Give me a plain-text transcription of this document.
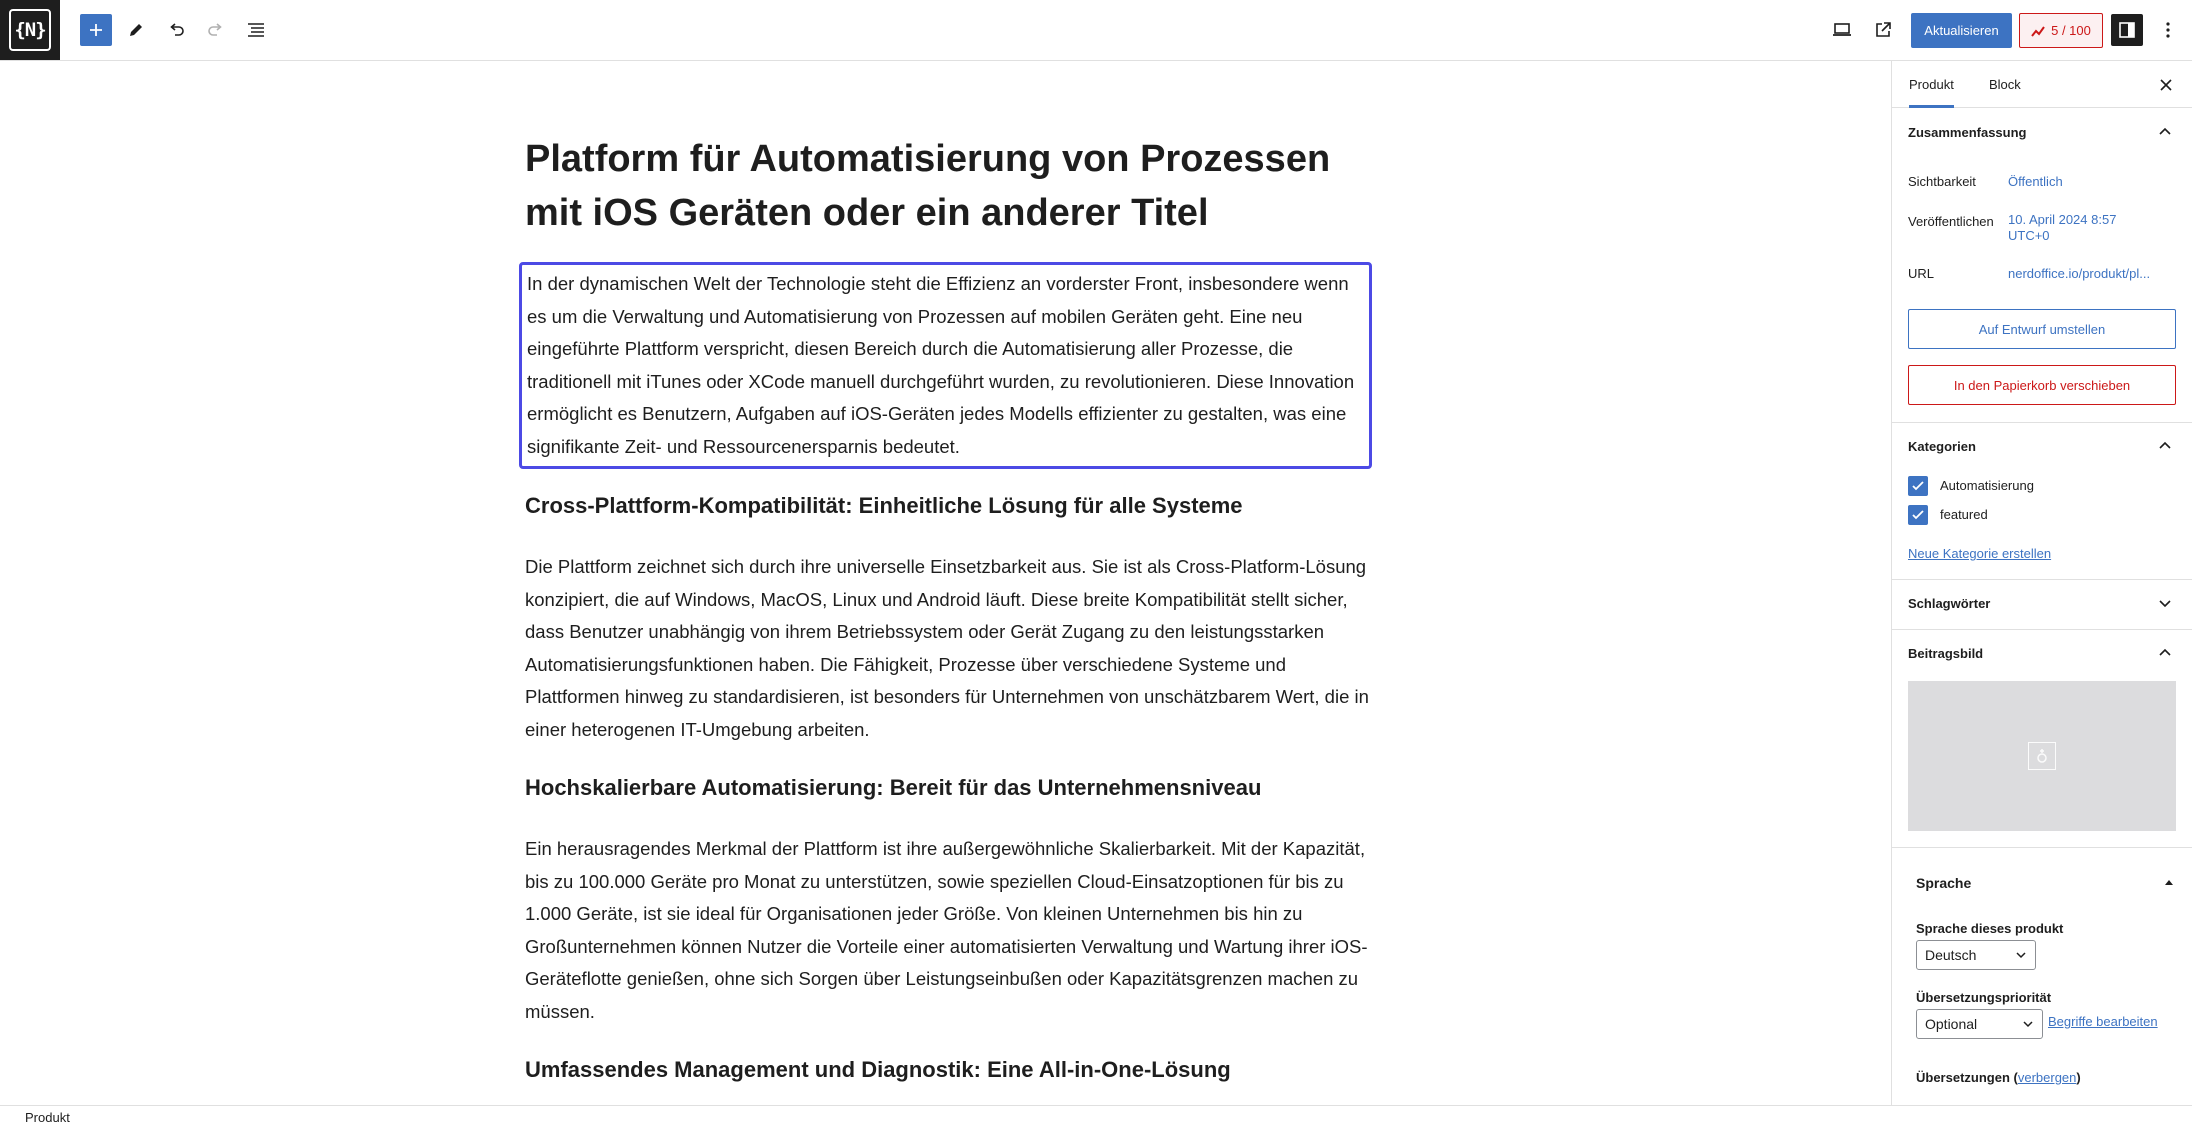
{N}	Aktualisieren	5 / 100
Platform für Automatisierung von Prozessen mit iOS Geräten oder ein anderer Titel

In der dynamischen Welt der Technologie steht die Effizienz an vorderster Front, insbesondere wenn es um die Verwaltung und Automatisierung von Prozessen auf mobilen Geräten geht. Eine neu eingeführte Plattform verspricht, diesen Bereich durch die Automatisierung aller Prozesse, die traditionell mit iTunes oder XCode manuell durchgeführt wurden, zu revolutionieren. Diese Innovation ermöglicht es Benutzern, Aufgaben auf iOS-Geräten jedes Modells effizienter zu gestalten, was eine signifikante Zeit- und Ressourcenersparnis bedeutet.

Cross-Plattform-Kompatibilität: Einheitliche Lösung für alle Systeme

Die Plattform zeichnet sich durch ihre universelle Einsetzbarkeit aus. Sie ist als Cross-Platform-Lösung konzipiert, die auf Windows, MacOS, Linux und Android läuft. Diese breite Kompatibilität stellt sicher, dass Benutzer unabhängig von ihrem Betriebssystem oder Gerät Zugang zu den leistungsstarken Automatisierungsfunktionen haben. Die Fähigkeit, Prozesse über verschiedene Systeme und Plattformen hinweg zu standardisieren, ist besonders für Unternehmen von unschätzbarem Wert, die in einer heterogenen IT-Umgebung arbeiten.

Hochskalierbare Automatisierung: Bereit für das Unternehmensniveau

Ein herausragendes Merkmal der Plattform ist ihre außergewöhnliche Skalierbarkeit. Mit der Kapazität, bis zu 100.000 Geräte pro Monat zu unterstützen, sowie speziellen Cloud-Einsatzoptionen für bis zu 1.000 Geräte, ist sie ideal für Organisationen jeder Größe. Von kleinen Unternehmen bis hin zu Großunternehmen können Nutzer die Vorteile einer automatisierten Verwaltung und Wartung ihrer iOS-Geräteflotte genießen, ohne sich Sorgen über Leistungseinbußen oder Kapazitätsgrenzen machen zu müssen.

Umfassendes Management und Diagnostik: Eine All-in-One-Lösung
Produkt	Block
Zusammenfassung
Sichtbarkeit Öffentlich
Veröffentlichen 10. April 2024 8:57
UTC+0
URL	nerdoffice.io/produkt/pl...
Auf Entwurf umstellen
In den Papierkorb verschieben
Kategorien
Automatisierung
featured
Neue Kategorie erstellen
Schlagwörter
Beitragsbild
Sprache
Sprache dieses produkt
Deutsch
Übersetzungspriorität
Optional	Begriffe bearbeiten
Übersetzungen (verbergen)
Produkt
